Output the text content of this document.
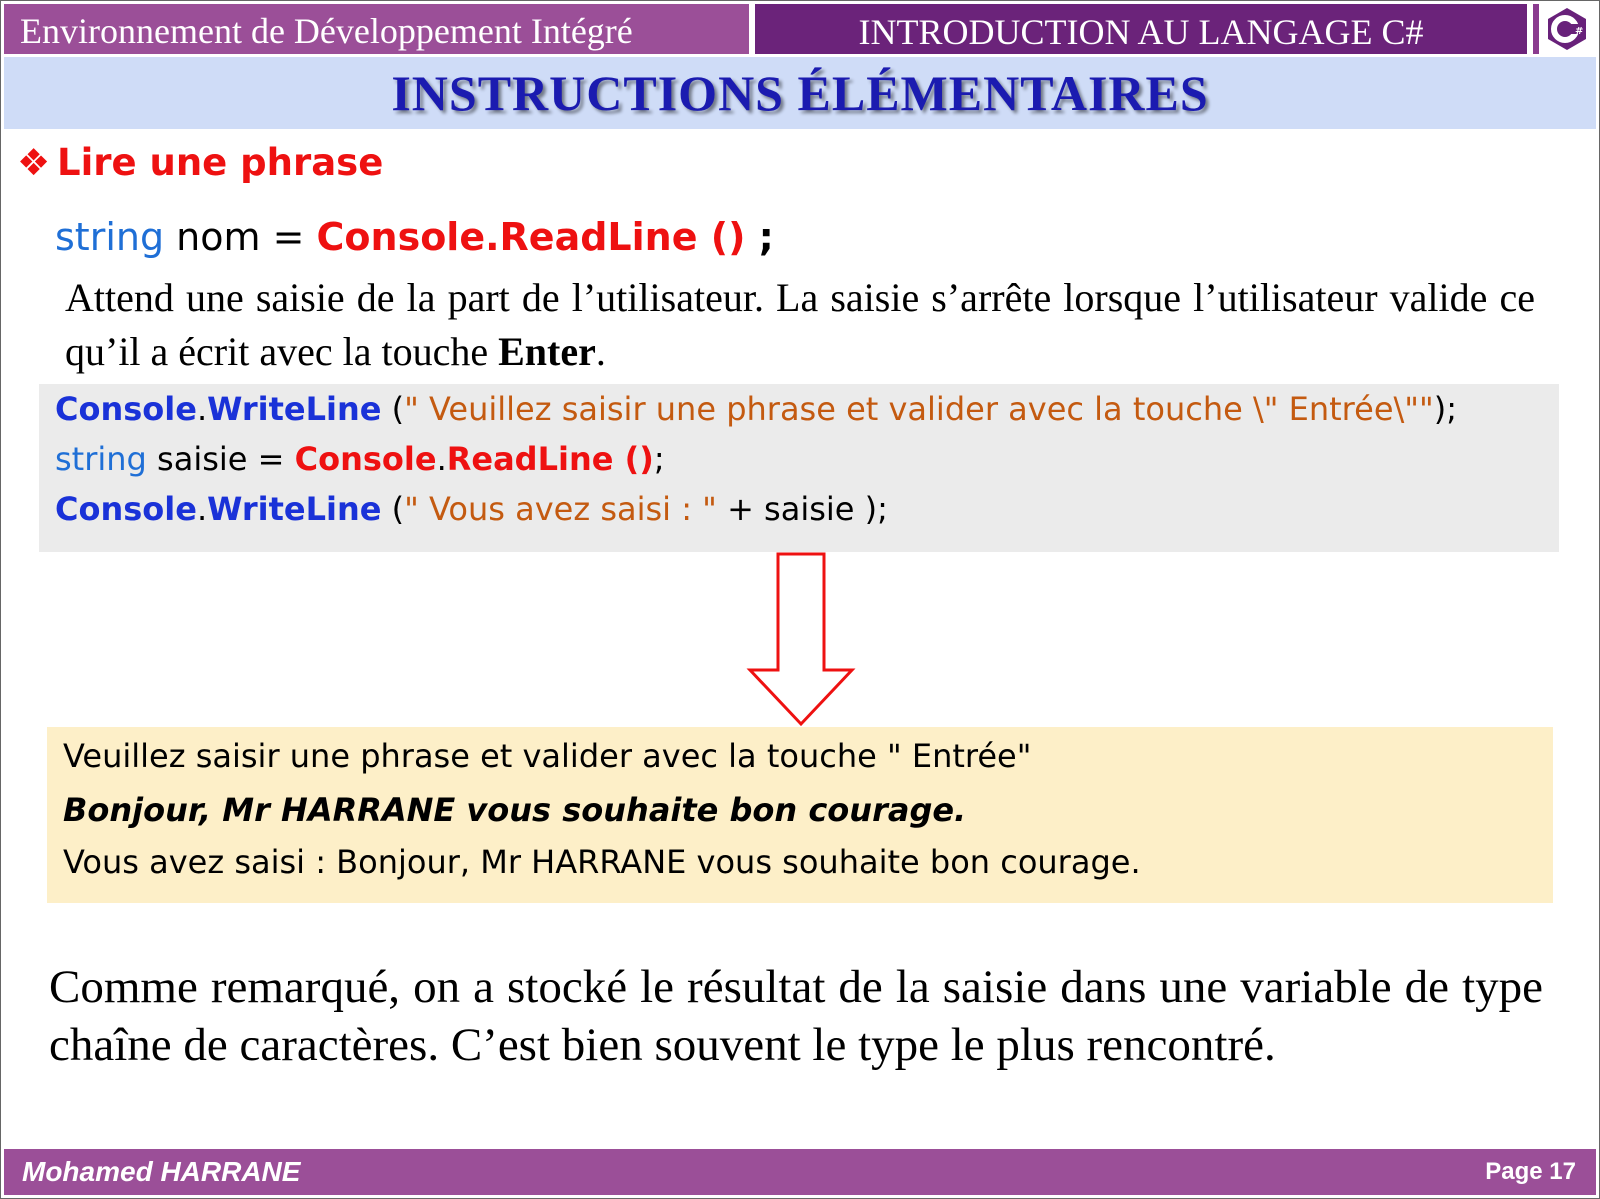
Environnement de Développement Intégré	INTRODUCTION AU LANGAGE C#	#
INSTRUCTIONS ÉLÉMENTAIRES
❖ Lire une phrase
string nom = Console.ReadLine () ;
Attend une saisie de la part de l’utilisateur. La saisie s’arrête lorsque l’utilisateur valide ce qu’il a écrit avec la touche Enter.
Console.WriteLine (" Veuillez saisir une phrase et valider avec la touche \" Entrée\"");
string saisie = Console.ReadLine ();
Console.WriteLine (" Vous avez saisi : " + saisie );
Veuillez saisir une phrase et valider avec la touche " Entrée"
Bonjour, Mr HARRANE vous souhaite bon courage.
Vous avez saisi : Bonjour, Mr HARRANE vous souhaite bon courage.
Comme remarqué, on a stocké le résultat de la saisie dans une variable de type chaîne de caractères. C’est bien souvent le type le plus rencontré.
Mohamed HARRANE	Page 17
